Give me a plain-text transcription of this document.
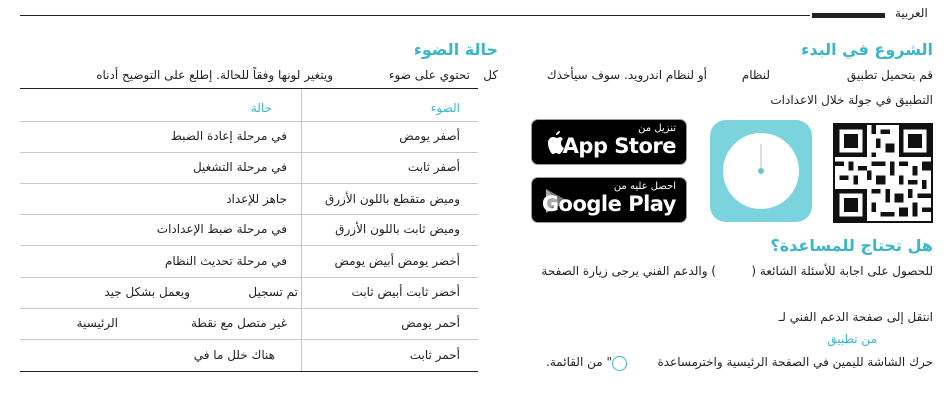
العربية
الشروع في البدء
قم بتحميل تطبيق
لنظام
أو لنظام اندرويد. سوف سيأخذك
التطبيق في جولة خلال الاعدادات
تنزيل من
App Store
احصل عليه من
Google Play
هل تحتاج للمساعدة؟
للحصول على اجابة للأسئلة الشائعة (
) والدعم الفني يرجى زيارة الصفحة
انتقل إلى صفحة الدعم الفني لـ
من تطبيق
حرك الشاشة لليمين في الصفحة الرئيسية واختر
مساعدة
" من القائمة.
حالة الضوء
كل
تحتوي على ضوء
ويتغير لونها وفقاً للحالة. إطلع على التوضيح أدناه
الضوء
حالة
أصفر يومض
في مرحلة إعادة الضبط
أصفر ثابت
في مرحلة التشغيل
وميض متقطع باللون الأزرق
جاهز للإعداد
وميض ثابت باللون الأزرق
في مرحلة ضبط الإعدادات
أخضر يومض أبيض يومض
في مرحلة تحديث النظام
أخضر ثابت أبيض ثابت
تم تسجيل
ويعمل بشكل جيد
أحمر يومض
غير متصل مع نقطة
الرئيسية
أحمر ثابت
هناك خلل ما في
